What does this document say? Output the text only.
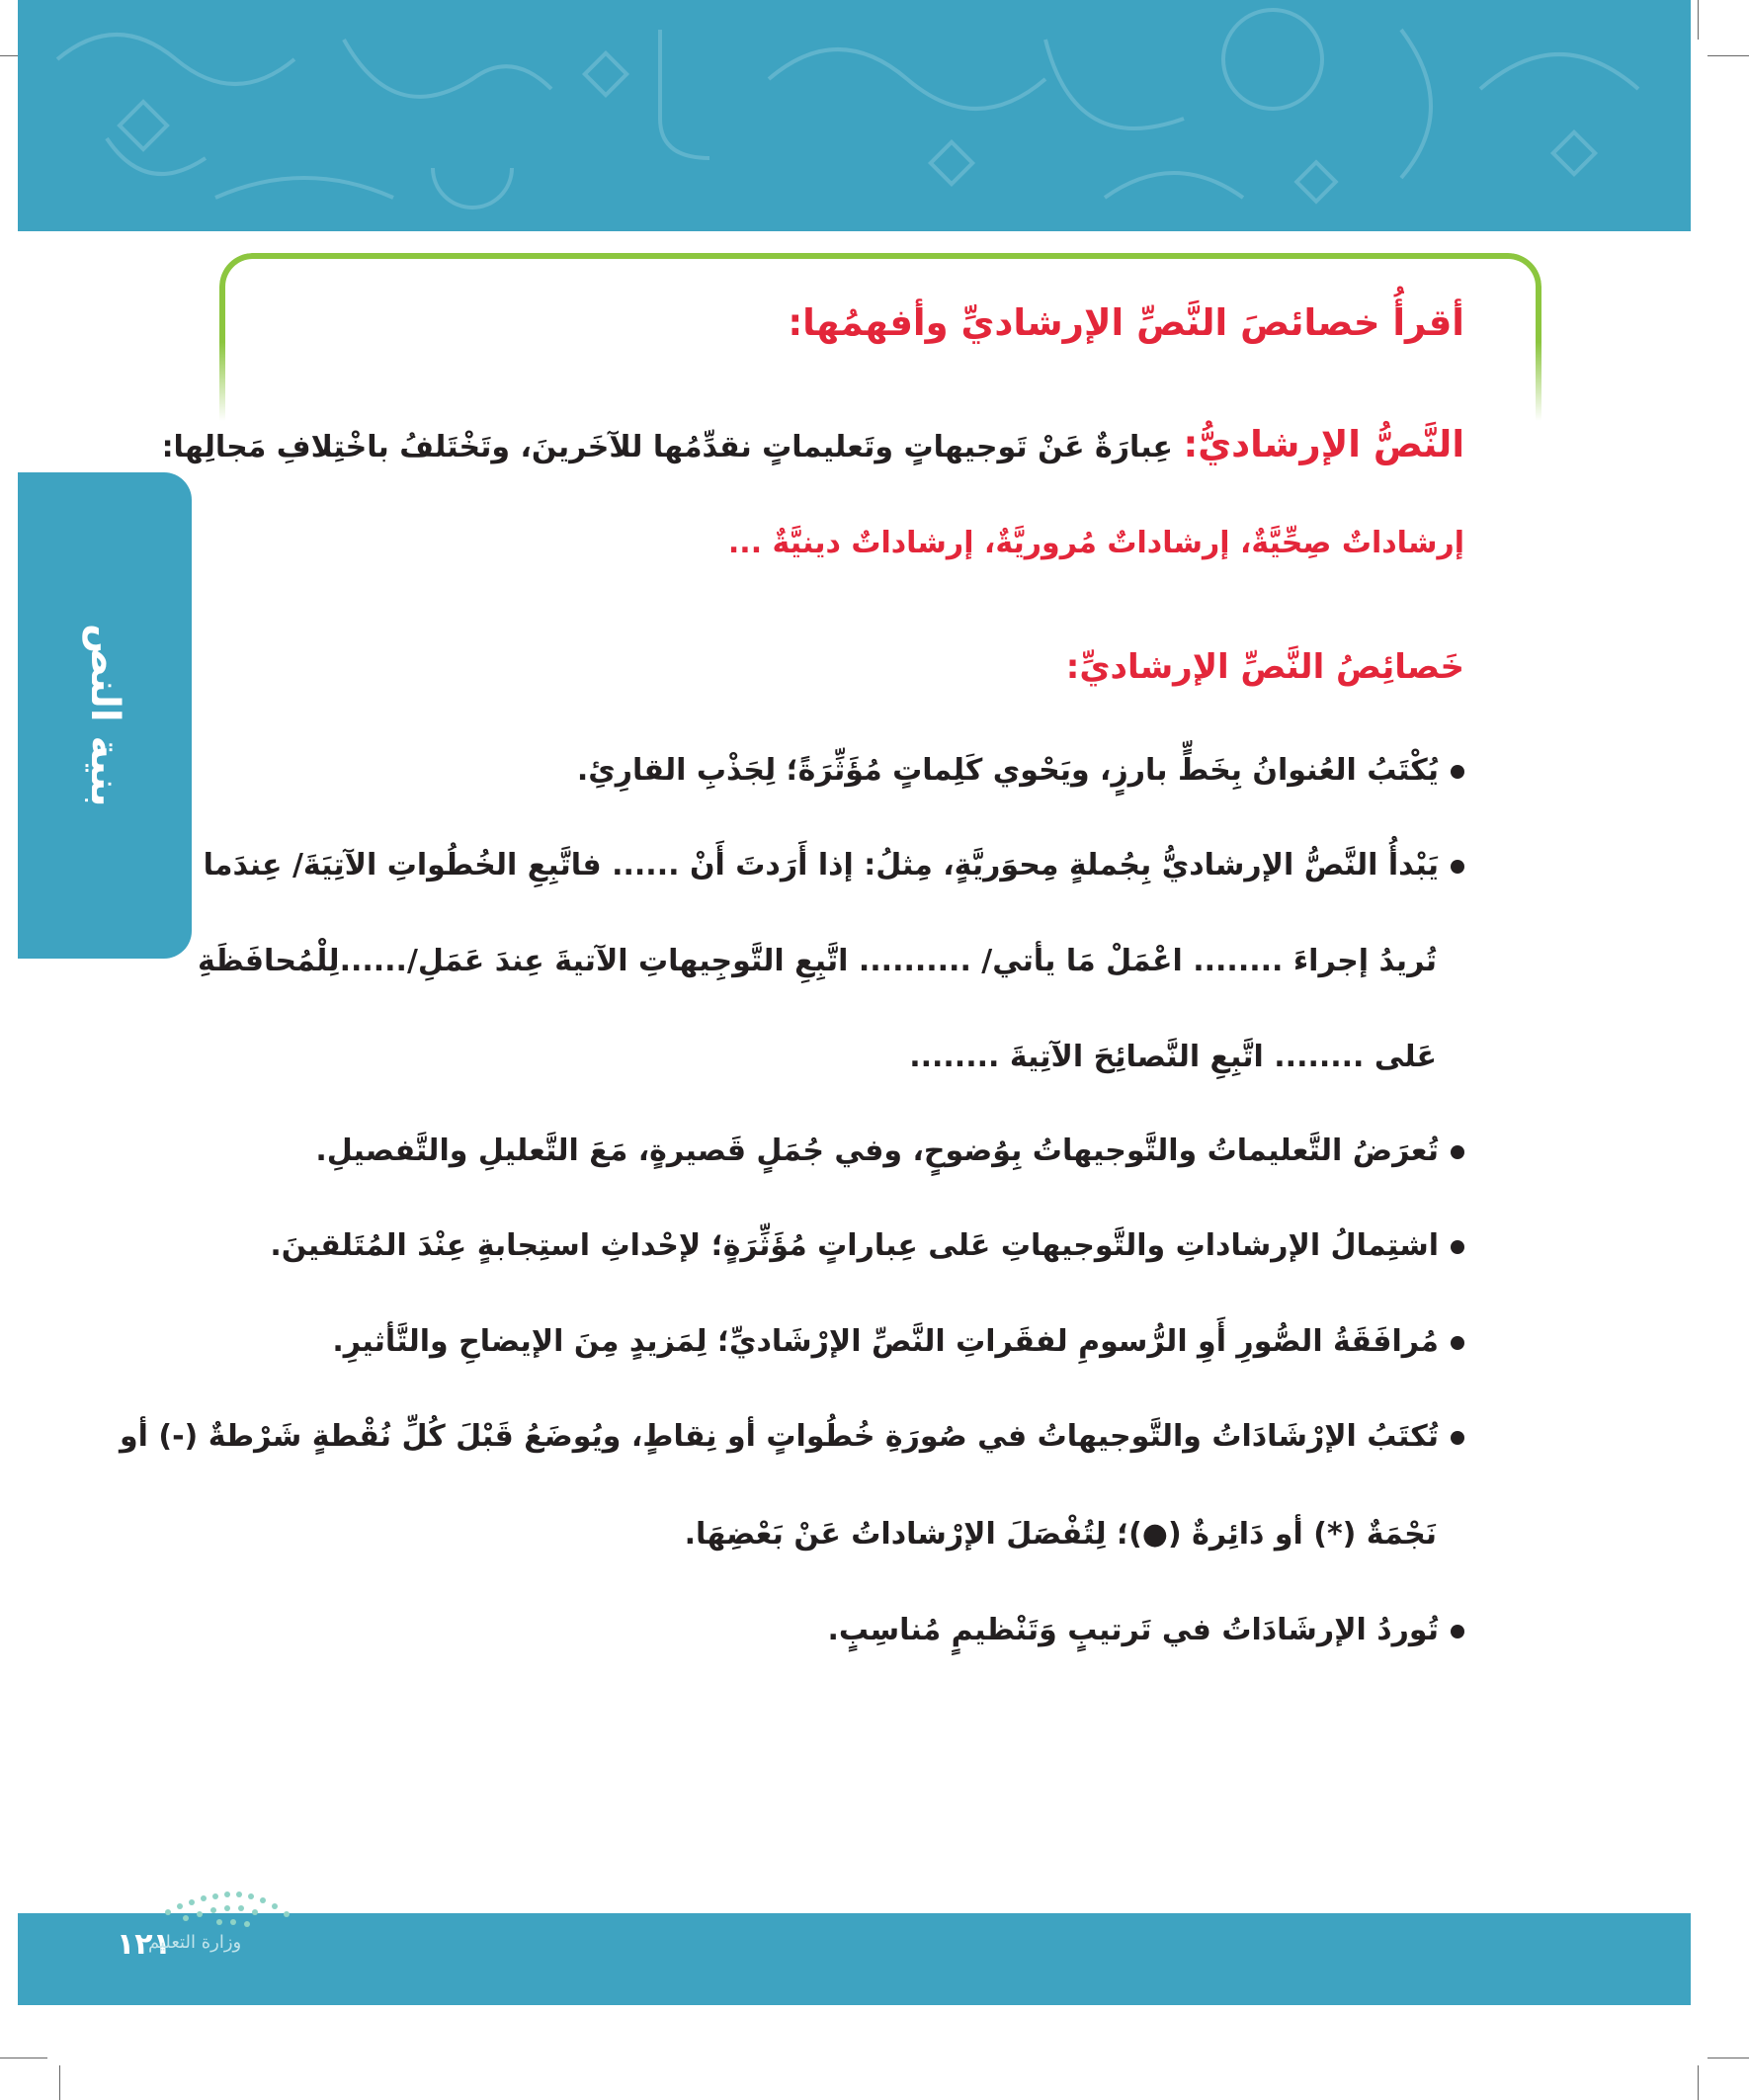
بنية النص
أقرأُ خصائصَ النَّصِّ الإرشاديِّ وأفهمُها:
النَّصُّ الإرشاديُّ: عِبارَةٌ عَنْ تَوجيهاتٍ وتَعليماتٍ نقدِّمُها للآخَرينَ، وتَخْتَلفُ باخْتِلافِ مَجالِها:
إرشاداتٌ صِحِّيَّةٌ، إرشاداتٌ مُروريَّةٌ، إرشاداتٌ دينيَّةٌ ...
خَصائِصُ النَّصِّ الإرشاديِّ:
يُكْتَبُ العُنوانُ بِخَطٍّ بارزٍ، ويَحْوي كَلِماتٍ مُؤَثِّرَةً؛ لِجَذْبِ القارِئِ.
يَبْدأُ النَّصُّ الإرشاديُّ بِجُملةٍ مِحوَريَّةٍ، مِثلُ: إذا أَرَدتَ أَنْ ...... فاتَّبِعِ الخُطُواتِ الآتِيَةَ/ عِندَما
تُريدُ إجراءَ ........ اعْمَلْ مَا يأتي/ .......... اتَّبِعِ التَّوجِيهاتِ الآتيةَ عِندَ عَمَلِ/......لِلْمُحافَظَةِ
عَلى ........ اتَّبِعِ النَّصائِحَ الآتِيةَ ........
تُعرَضُ التَّعليماتُ والتَّوجيهاتُ بِوُضوحٍ، وفي جُمَلٍ قَصيرةٍ، مَعَ التَّعليلِ والتَّفصيلِ.
اشتِمالُ الإرشاداتِ والتَّوجيهاتِ عَلى عِباراتٍ مُؤَثِّرَةٍ؛ لإحْداثِ استِجابةٍ عِنْدَ المُتَلقينَ.
مُرافَقَةُ الصُّورِ أَوِ الرُّسومِ لفقَراتِ النَّصِّ الإرْشَاديِّ؛ لِمَزيدٍ مِنَ الإيضاحِ والتَّأثيرِ.
تُكتَبُ الإرْشَادَاتُ والتَّوجيهاتُ في صُورَةِ خُطُواتٍ أو نِقاطٍ، ويُوضَعُ قَبْلَ كُلِّ نُقْطةٍ شَرْطةٌ (-) أو
نَجْمَةٌ (*) أو دَائِرةٌ (●)؛ لِتُفْصَلَ الإرْشاداتُ عَنْ بَعْضِهَا.
تُوردُ الإرشَادَاتُ في تَرتيبٍ وَتَنْظيمٍ مُناسِبٍ.
١٢١
وزارة التعليم
